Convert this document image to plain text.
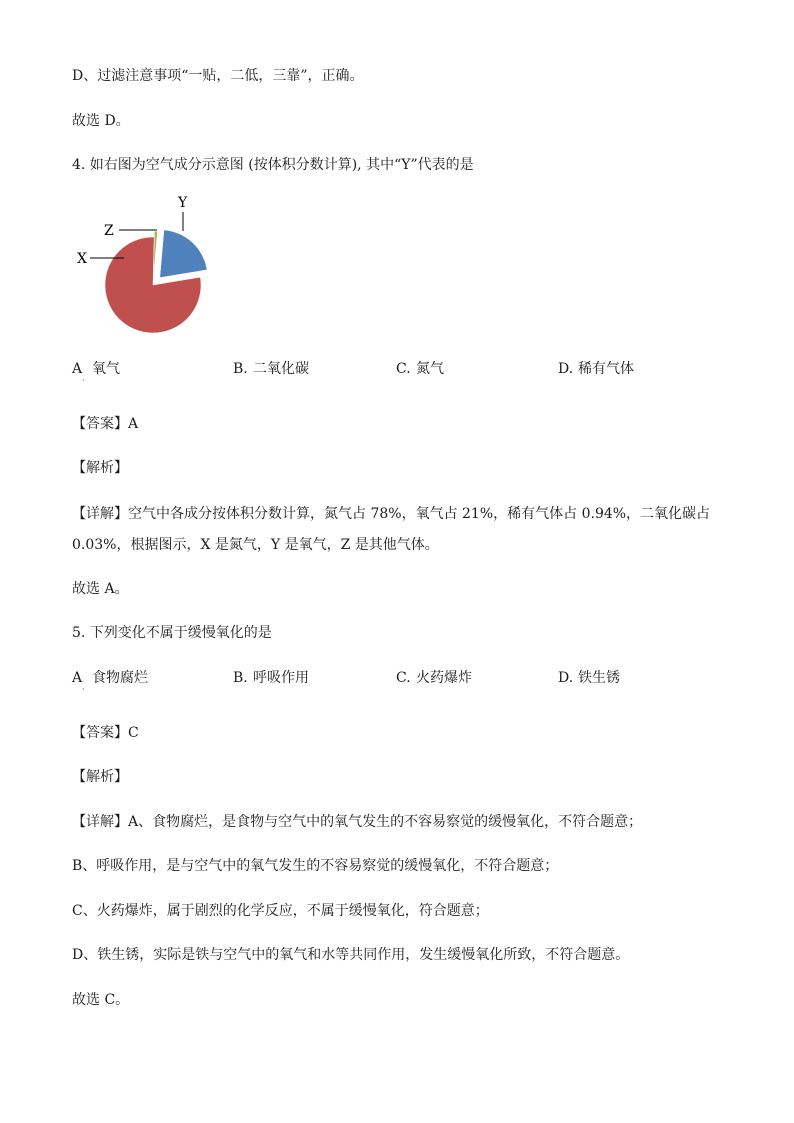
D、过滤注意事项“一贴，二低，三靠”，正确。
故选 D。
4. 如右图为空气成分示意图 (按体积分数计算), 其中“Y”代表的是
Y
Z
X
A 氧气
·
B. 二氧化碳	C. 氮气	D. 稀有气体
【答案】A
【解析】
【详解】空气中各成分按体积分数计算，氮气占 78%，氧气占 21%，稀有气体占 0.94%，二氧化碳占
0.03%，根据图示，X 是氮气，Y 是氧气，Z 是其他气体。
故选 A。
5. 下列变化不属于缓慢氧化的是
A 食物腐烂
·
B. 呼吸作用	C. 火药爆炸	D. 铁生锈
【答案】C
【解析】
【详解】A、食物腐烂，是食物与空气中的氧气发生的不容易察觉的缓慢氧化，不符合题意；
B、呼吸作用，是与空气中的氧气发生的不容易察觉的缓慢氧化，不符合题意；
C、火药爆炸，属于剧烈的化学反应，不属于缓慢氧化，符合题意；
D、铁生锈，实际是铁与空气中的氧气和水等共同作用，发生缓慢氧化所致，不符合题意。
故选 C。
